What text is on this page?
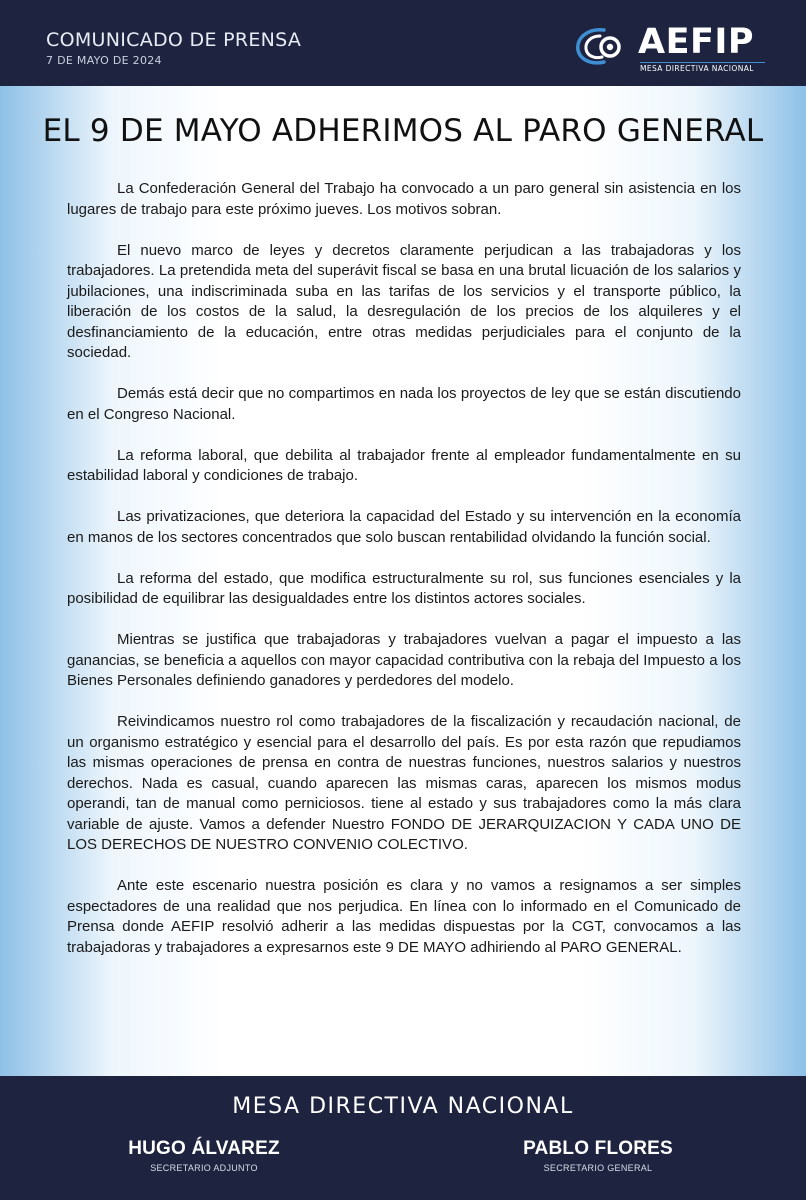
COMUNICADO DE PRENSA
7 DE MAYO DE 2024	AEFIP
MESA DIRECTIVA NACIONAL
EL 9 DE MAYO ADHERIMOS AL PARO GENERAL

La Confederación General del Trabajo ha convocado a un paro general sin asistencia en los lugares de trabajo para este próximo jueves. Los motivos sobran.

El nuevo marco de leyes y decretos claramente perjudican a las trabajadoras y los trabajadores. La pretendida meta del superávit fiscal se basa en una brutal licuación de los salarios y jubilaciones, una indiscriminada suba en las tarifas de los servicios y el transporte público, la liberación de los costos de la salud, la desregulación de los precios de los alquileres y el desfinanciamiento de la educación, entre otras medidas perjudiciales para el conjunto de la sociedad.

Demás está decir que no compartimos en nada los proyectos de ley que se están discutiendo en el Congreso Nacional.

La reforma laboral, que debilita al trabajador frente al empleador fundamentalmente en su estabilidad laboral y condiciones de trabajo.

Las privatizaciones, que deteriora la capacidad del Estado y su intervención en la economía en manos de los sectores concentrados que solo buscan rentabilidad olvidando la función social.

La reforma del estado, que modifica estructuralmente su rol, sus funciones esenciales y la posibilidad de equilibrar las desigualdades entre los distintos actores sociales.

Mientras se justifica que trabajadoras y trabajadores vuelvan a pagar el impuesto a las ganancias, se beneficia a aquellos con mayor capacidad contributiva con la rebaja del Impuesto a los Bienes Personales definiendo ganadores y perdedores del modelo.

Reivindicamos nuestro rol como trabajadores de la fiscalización y recaudación nacional, de un organismo estratégico y esencial para el desarrollo del país. Es por esta razón que repudiamos las mismas operaciones de prensa en contra de nuestras funciones, nuestros salarios y nuestros derechos. Nada es casual, cuando aparecen las mismas caras, aparecen los mismos modus operandi, tan de manual como perniciosos. tiene al estado y sus trabajadores como la más clara variable de ajuste. Vamos a defender Nuestro FONDO DE JERARQUIZACION Y CADA UNO DE LOS DERECHOS DE NUESTRO CONVENIO COLECTIVO.

Ante este escenario nuestra posición es clara y no vamos a resignamos a ser simples espectadores de una realidad que nos perjudica. En línea con lo informado en el Comunicado de Prensa donde AEFIP resolvió adherir a las medidas dispuestas por la CGT, convocamos a las trabajadoras y trabajadores a expresarnos este 9 DE MAYO adhiriendo al PARO GENERAL.

MESA DIRECTIVA NACIONAL
HUGO ÁLVAREZ
SECRETARIO ADJUNTO
PABLO FLORES
SECRETARIO GENERAL
